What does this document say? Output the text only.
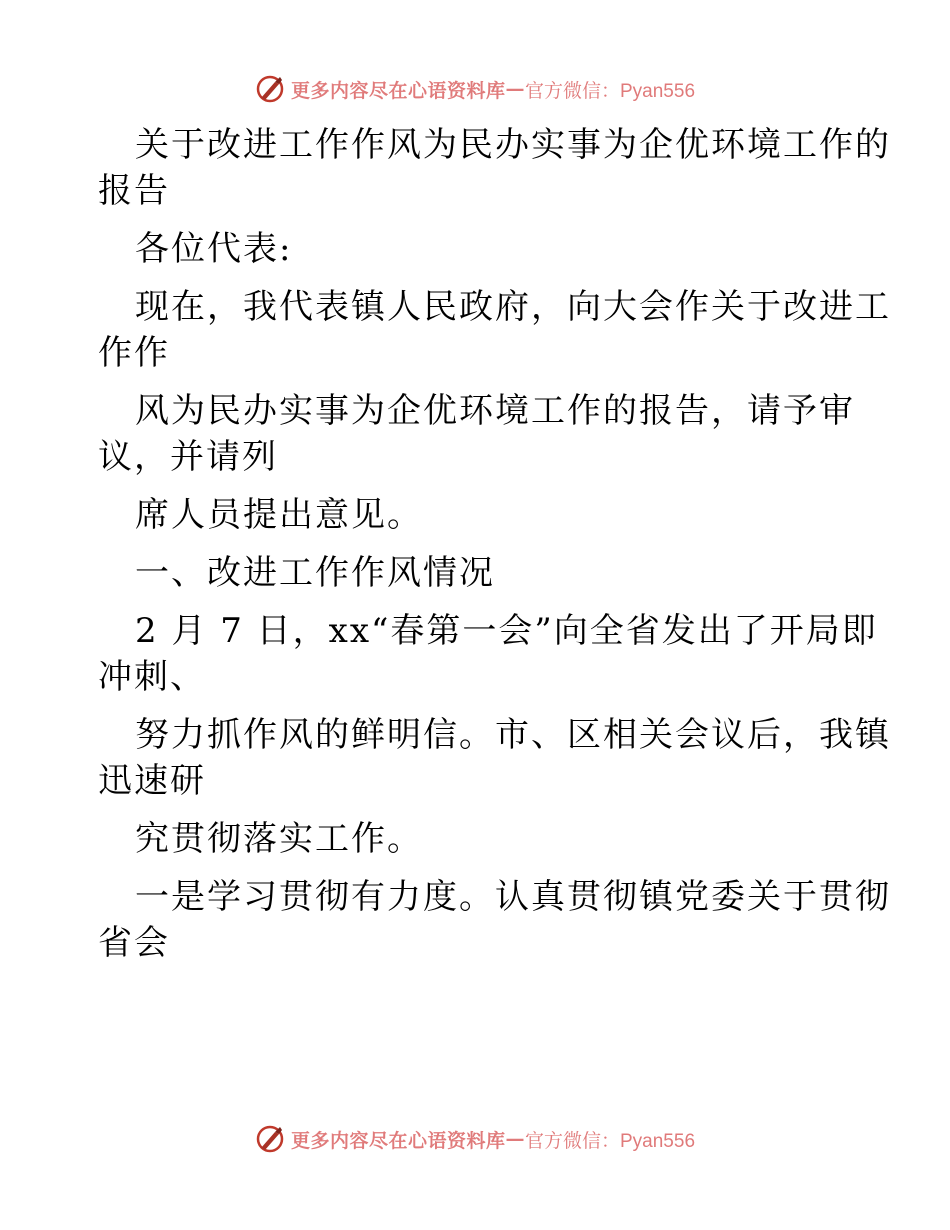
更多内容尽在心语资料库 — 官方微信：Pyan556
关于改进工作作风为民办实事为企优环境工作的
报告
各位代表:
现在，我代表镇人民政府，向大会作关于改进工
作作
风为民办实事为企优环境工作的报告，请予审
议，并请列
席人员提出意见。
一、改进工作作风情况
2 月 7 日，xx“春第一会”向全省发出了开局即
冲刺、
努力抓作风的鲜明信。市、区相关会议后，我镇
迅速研
究贯彻落实工作。
一是学习贯彻有力度。认真贯彻镇党委关于贯彻
省会
更多内容尽在心语资料库 — 官方微信：Pyan556
